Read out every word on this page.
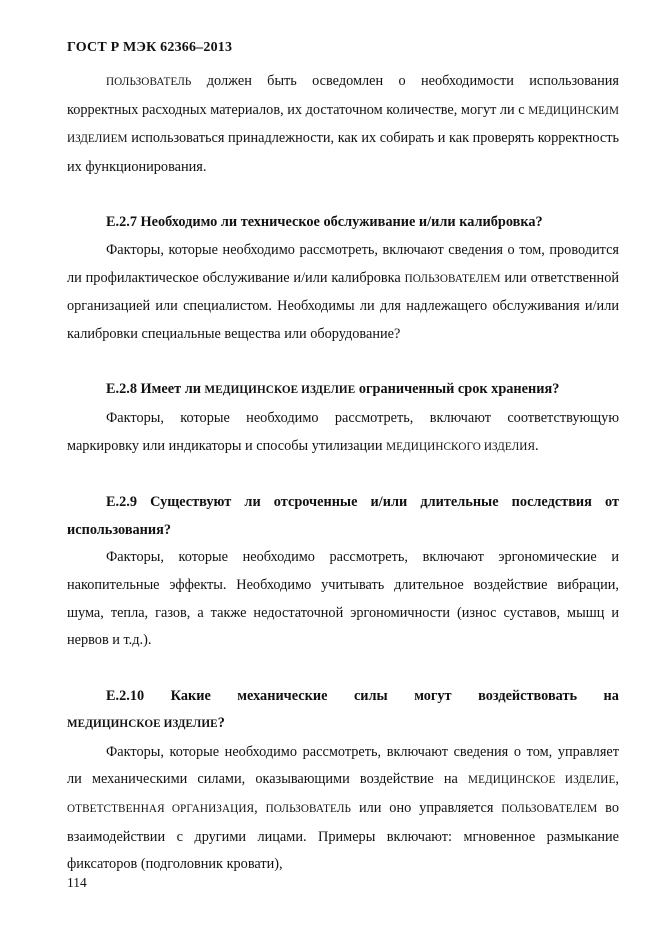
ГОСТ Р МЭК 62366–2013

ПОЛЬЗОВАТЕЛЬ должен быть осведомлен о необходимости использования корректных расходных материалов, их достаточном количестве, могут ли с МЕДИЦИНСКИМ ИЗДЕЛИЕМ использоваться принадлежности, как их собирать и как проверять корректность их функционирования.

E.2.7 Необходимо ли техническое обслуживание и/или калибровка?

Факторы, которые необходимо рассмотреть, включают сведения о том, проводится ли профилактическое обслуживание и/или калибровка ПОЛЬЗОВАТЕЛЕМ или ответственной организацией или специалистом. Необходимы ли для надлежащего обслуживания и/или калибровки специальные вещества или оборудование?

E.2.8 Имеет ли МЕДИЦИНСКОЕ ИЗДЕЛИЕ ограниченный срок хранения?

Факторы, которые необходимо рассмотреть, включают соответствующую маркировку или индикаторы и способы утилизации МЕДИЦИНСКОГО ИЗДЕЛИЯ.

E.2.9 Существуют ли отсроченные и/или длительные последствия от использования?

Факторы, которые необходимо рассмотреть, включают эргономические и накопительные эффекты. Необходимо учитывать длительное воздействие вибрации, шума, тепла, газов, а также недостаточной эргономичности (износ суставов, мышц и нервов и т.д.).

E.2.10 Какие механические силы могут воздействовать на
МЕДИЦИНСКОЕ ИЗДЕЛИЕ?

Факторы, которые необходимо рассмотреть, включают сведения о том, управляет ли механическими силами, оказывающими воздействие на МЕДИЦИНСКОЕ ИЗДЕЛИЕ, ОТВЕТСТВЕННАЯ ОРГАНИЗАЦИЯ, ПОЛЬЗОВАТЕЛЬ или оно управляется ПОЛЬЗОВАТЕЛЕМ во взаимодействии с другими лицами. Примеры включают: мгновенное размыкание фиксаторов (подголовник кровати),

114
